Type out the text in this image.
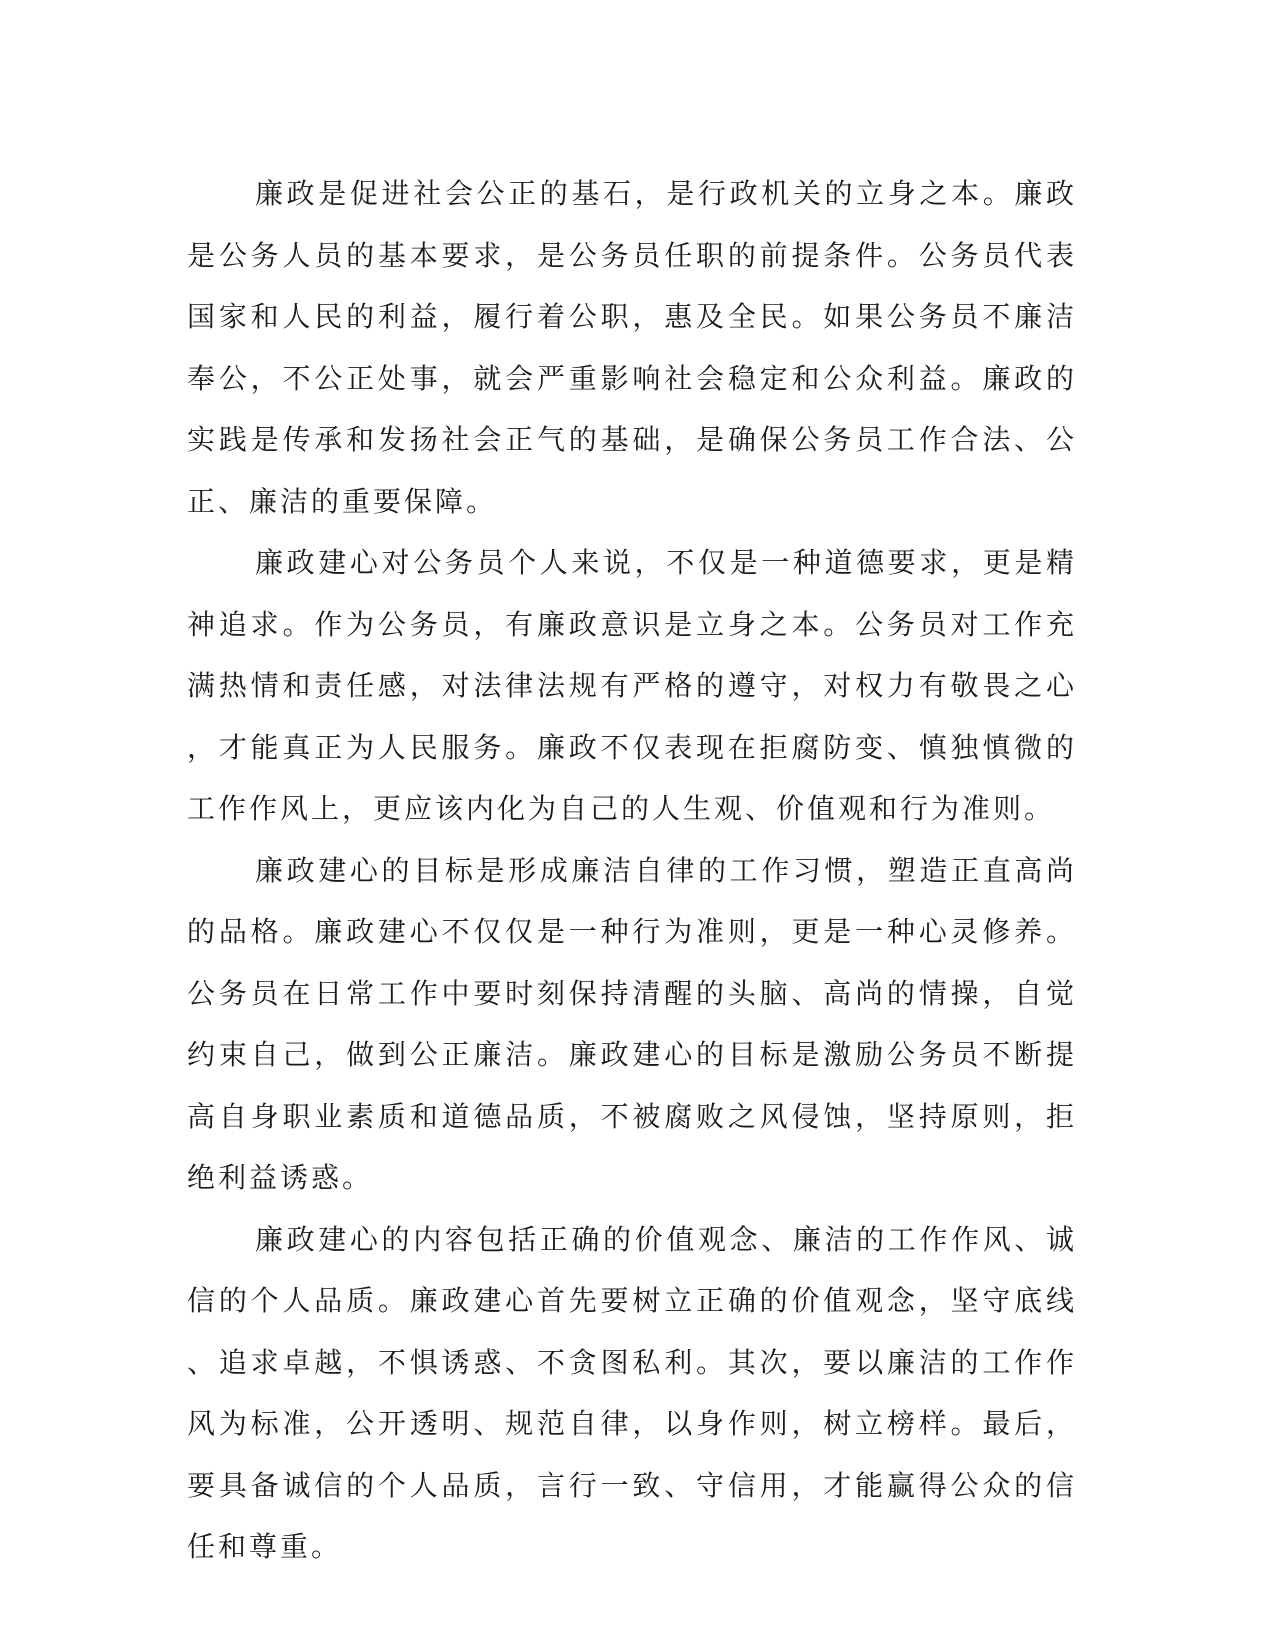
廉政是促进社会公正的基石，是行政机关的立身之本。廉政是公务人员的基本要求，是公务员任职的前提条件。公务员代表国家和人民的利益，履行着公职，惠及全民。如果公务员不廉洁奉公，不公正处事，就会严重影响社会稳定和公众利益。廉政的实践是传承和发扬社会正气的基础，是确保公务员工作合法、公正、廉洁的重要保障。

廉政建心对公务员个人来说，不仅是一种道德要求，更是精神追求。作为公务员，有廉政意识是立身之本。公务员对工作充满热情和责任感，对法律法规有严格的遵守，对权力有敬畏之心，才能真正为人民服务。廉政不仅表现在拒腐防变、慎独慎微的工作作风上，更应该内化为自己的人生观、价值观和行为准则。

廉政建心的目标是形成廉洁自律的工作习惯，塑造正直高尚的品格。廉政建心不仅仅是一种行为准则，更是一种心灵修养。公务员在日常工作中要时刻保持清醒的头脑、高尚的情操，自觉约束自己，做到公正廉洁。廉政建心的目标是激励公务员不断提高自身职业素质和道德品质，不被腐败之风侵蚀，坚持原则，拒绝利益诱惑。

廉政建心的内容包括正确的价值观念、廉洁的工作作风、诚信的个人品质。廉政建心首先要树立正确的价值观念，坚守底线、追求卓越，不惧诱惑、不贪图私利。其次，要以廉洁的工作作风为标准，公开透明、规范自律，以身作则，树立榜样。最后，要具备诚信的个人品质，言行一致、守信用，才能赢得公众的信任和尊重。
